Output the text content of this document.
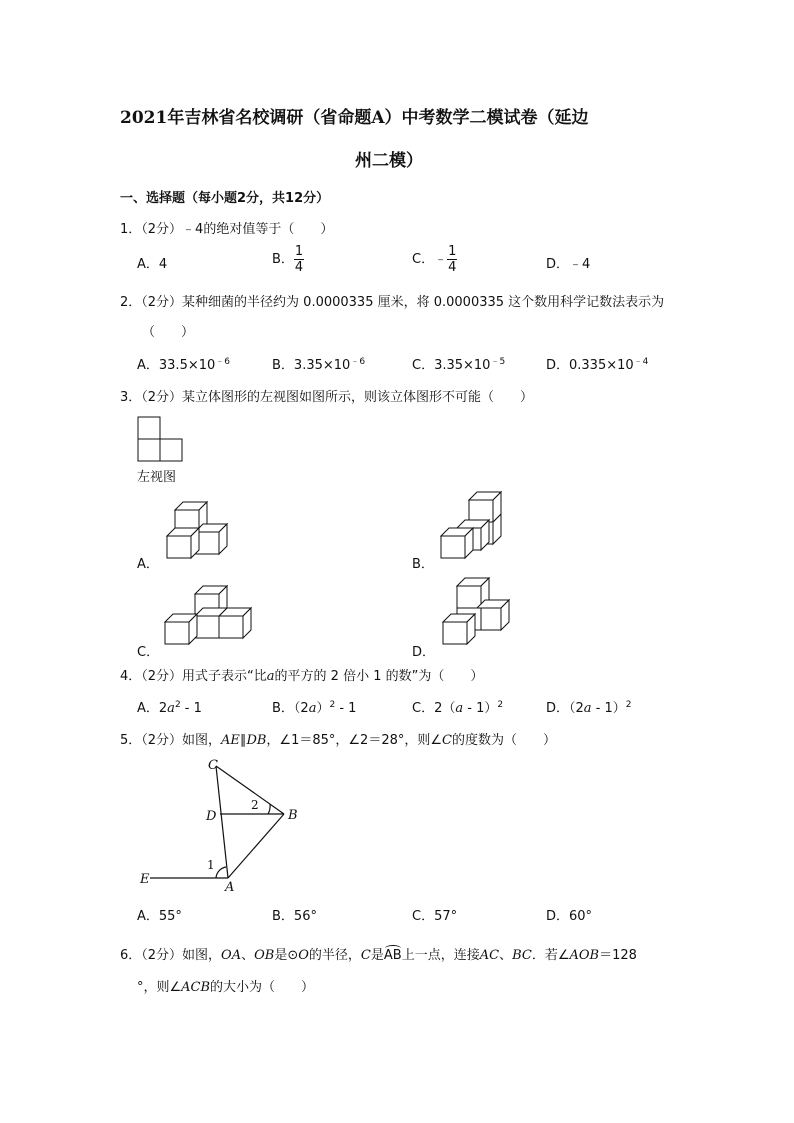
2021年吉林省名校调研（省命题A）中考数学二模试卷（延边
州二模）
一、选择题（每小题2分，共12分）
1．（2分）﹣4的绝对值等于（　　）
A．4	B． $\frac{1}{4}$	C．﹣ $\frac{1}{4}$	D．﹣4
2．（2分）某种细菌的半径约为 0.0000335 厘米，将 0.0000335 这个数用科学记数法表示为
（　　）
A．$33.5\times 10^{﹣6}$	B．$3.35\times 10^{﹣6}$	C．$3.35\times 10^{﹣5}$	D．$0.335\times 10^{﹣4}$
3．（2分）某立体图形的左视图如图所示，则该立体图形不可能（　　）
左视图
A．	B．
C．	D．
4．（2分）用式子表示“比a的平方的 2 倍小 1 的数”为（　　）
A．$2a^2 - 1$	B．$(2a)^2 - 1$	C．2（a - 1）$^2$	D．（2a - 1）$^2$
5．（2分）如图，AE∥DB，∠1＝85°，∠2＝28°，则∠C的度数为（　　）
C
D	B
E
A
1
2
A．55°	B．56°	C．57°	D．60°
6．（2分）如图，OA、OB是⊙O的半径，C是AB上一点，连接AC、BC．若∠AOB＝128
°，则∠ACB的大小为（　　）
